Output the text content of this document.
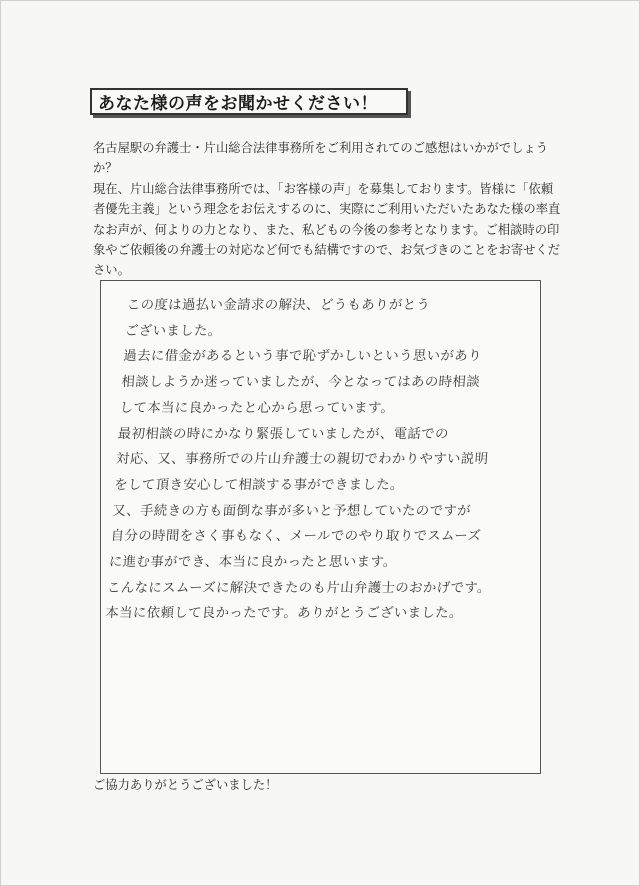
あなた様の声をお聞かせください！

名古屋駅の弁護士・片山総合法律事務所をご利用されてのご感想はいかがでしょうか？

現在、片山総合法律事務所では、「お客様の声」を募集しております。皆様に「依頼者優先主義」という理念をお伝えするのに、実際にご利用いただいたあなた様の率直なお声が、何よりの力となり、また、私どもの今後の参考となります。ご相談時の印象やご依頼後の弁護士の対応など何でも結構ですので、お気づきのことをお寄せください。

この度は過払い金請求の解決、どうもありがとう
ございました。
過去に借金があるという事で恥ずかしいという思いがあり
相談しようか迷っていましたが、今となってはあの時相談
して本当に良かったと心から思っています。
最初相談の時にかなり緊張していましたが、電話での
対応、又、事務所での片山弁護士の親切でわかりやすい説明
をして頂き安心して相談する事ができました。
又、手続きの方も面倒な事が多いと予想していたのですが
自分の時間をさく事もなく、メールでのやり取りでスムーズ
に進む事ができ、本当に良かったと思います。
こんなにスムーズに解決できたのも片山弁護士のおかげです。
本当に依頼して良かったです。ありがとうございました。
ご協力ありがとうございました！
